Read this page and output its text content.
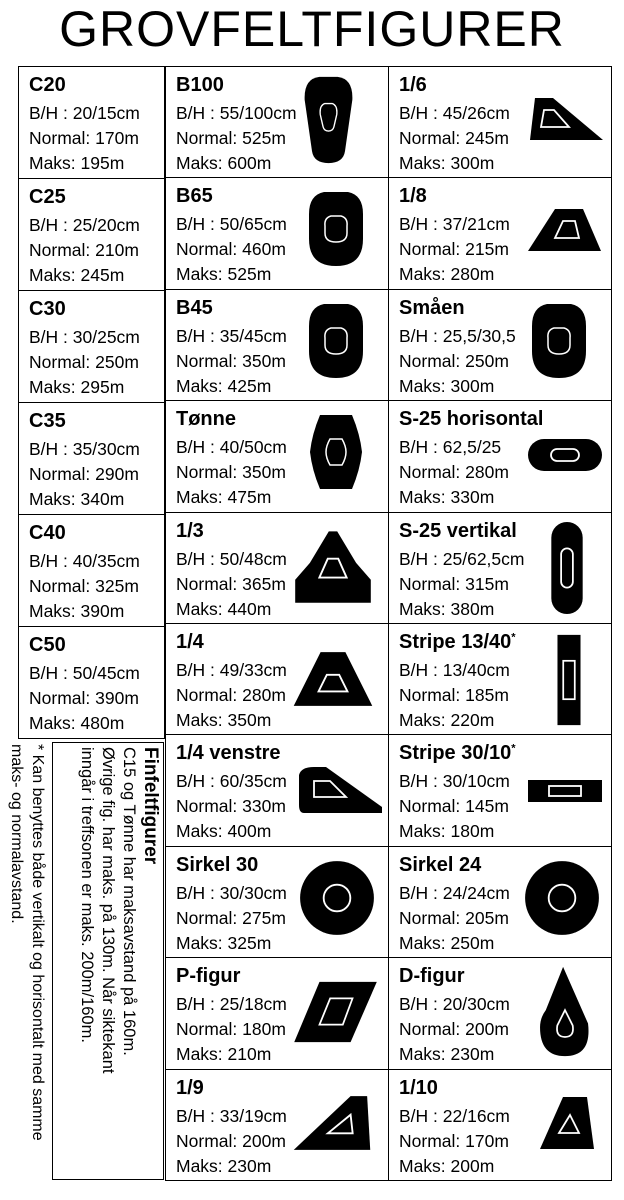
GROVFELTFIGURER
C20
B/H : 20/15cm
Normal: 170m
Maks: 195m
C25
B/H : 25/20cm
Normal: 210m
Maks: 245m
C30
B/H : 30/25cm
Normal: 250m
Maks: 295m
C35
B/H : 35/30cm
Normal: 290m
Maks: 340m
C40
B/H : 40/35cm
Normal: 325m
Maks: 390m
C50
B/H : 50/45cm
Normal: 390m
Maks: 480m
B100
B/H : 55/100cm
Normal: 525m
Maks: 600m
B65
B/H : 50/65cm
Normal: 460m
Maks: 525m
B45
B/H : 35/45cm
Normal: 350m
Maks: 425m
Tønne
B/H : 40/50cm
Normal: 350m
Maks: 475m
1/3
B/H : 50/48cm
Normal: 365m
Maks: 440m
1/4
B/H : 49/33cm
Normal: 280m
Maks: 350m
1/4 venstre
B/H : 60/35cm
Normal: 330m
Maks: 400m
Sirkel 30
B/H : 30/30cm
Normal: 275m
Maks: 325m
P-figur
B/H : 25/18cm
Normal: 180m
Maks: 210m
1/9
B/H : 33/19cm
Normal: 200m
Maks: 230m
1/6
B/H : 45/26cm
Normal: 245m
Maks: 300m
1/8
B/H : 37/21cm
Normal: 215m
Maks: 280m
Småen
B/H : 25,5/30,5
Normal: 250m
Maks: 300m
S-25 horisontal
B/H : 62,5/25
Normal: 280m
Maks: 330m
S-25 vertikal
B/H : 25/62,5cm
Normal: 315m
Maks: 380m
Stripe 13/40*
B/H : 13/40cm
Normal: 185m
Maks: 220m
Stripe 30/10*
B/H : 30/10cm
Normal: 145m
Maks: 180m
Sirkel 24
B/H : 24/24cm
Normal: 205m
Maks: 250m
D-figur
B/H : 20/30cm
Normal: 200m
Maks: 230m
1/10
B/H : 22/16cm
Normal: 170m
Maks: 200m
Finfeltfigurer
C15 og Tønne har maksavstand på 160m.
Øvrige fig. har maks. på 130m. Når siktekant
inngår i treffsonen er maks. 200m/160m.
* Kan benyttes både vertikalt og horisontalt med samme
maks- og normalavstand.
